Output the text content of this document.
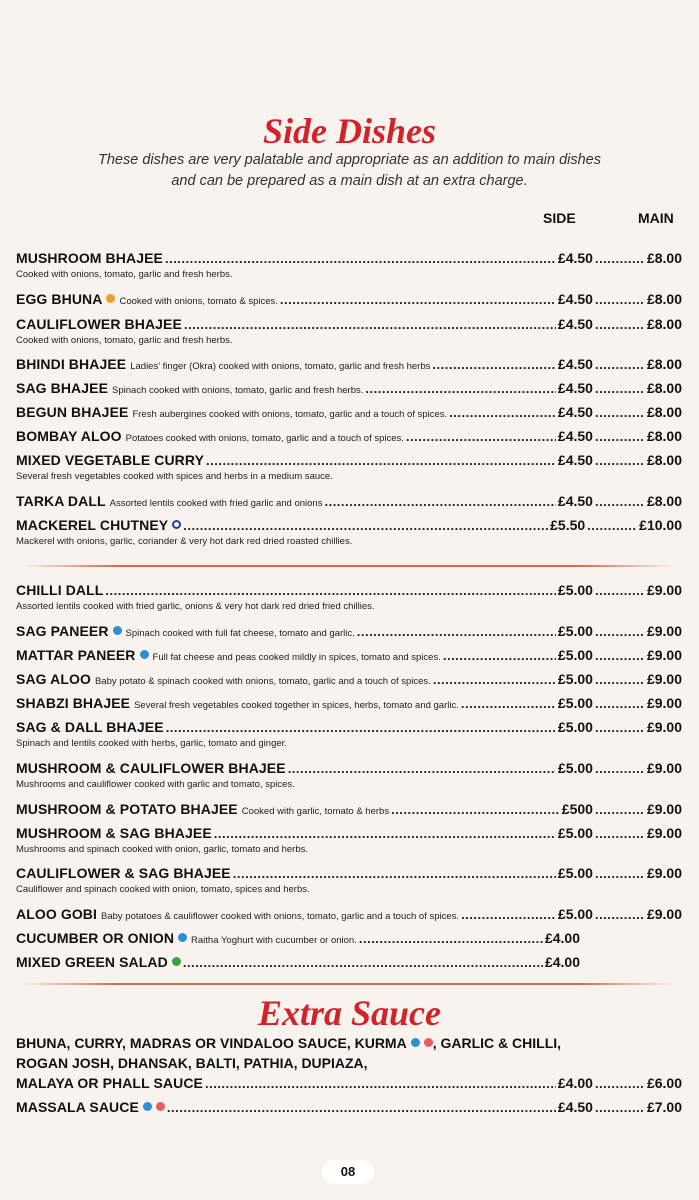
Side Dishes
These dishes are very palatable and appropriate as an addition to main dishes
and can be prepared as a main dish at an extra charge.
SIDE	MAIN
MUSHROOM BHAJEE .....	£4.50 .....	£8.00
Cooked with onions, tomato, garlic and fresh herbs.
EGG BHUNA Cooked with onions, tomato & spices. .....	£4.50 .....	£8.00
CAULIFLOWER BHAJEE .....	£4.50 .....	£8.00
Cooked with onions, tomato, garlic and fresh herbs.
BHINDI BHAJEE Ladies' finger (Okra) cooked with onions, tomato, garlic and fresh herbs .....	£4.50 .....	£8.00
SAG BHAJEE Spinach cooked with onions, tomato, garlic and fresh herbs. .....	£4.50 .....	£8.00
BEGUN BHAJEE Fresh aubergines cooked with onions, tomato, garlic and a touch of spices. .....	£4.50 .....	£8.00
BOMBAY ALOO Potatoes cooked with onions, tomato, garlic and a touch of spices. .....	£4.50 .....	£8.00
MIXED VEGETABLE CURRY .....	£4.50 .....	£8.00
Several fresh vegetables cooked with spices and herbs in a medium sauce.
TARKA DALL Assorted lentils cooked with fried garlic and onions .....	£4.50 .....	£8.00
MACKEREL CHUTNEY .....	£5.50 .....	£10.00
Mackerel with onions, garlic, coriander & very hot dark red dried roasted chillies.
CHILLI DALL .....	£5.00 .....	£9.00
Assorted lentils cooked with fried garlic, onions & very hot dark red dried fried chillies.
SAG PANEER Spinach cooked with full fat cheese, tomato and garlic. .....	£5.00 .....	£9.00
MATTAR PANEER Full fat cheese and peas cooked mildly in spices, tomato and spices. .....	£5.00 .....	£9.00
SAG ALOO Baby potato & spinach cooked with onions, tomato, garlic and a touch of spices. .....	£5.00 .....	£9.00
SHABZI BHAJEE Several fresh vegetables cooked together in spices, herbs, tomato and garlic. .....	£5.00 .....	£9.00
SAG & DALL BHAJEE .....	£5.00 .....	£9.00
Spinach and lentils cooked with herbs, garlic, tomato and ginger.
MUSHROOM & CAULIFLOWER BHAJEE .....	£5.00 .....	£9.00
Mushrooms and cauliflower cooked with garlic and tomato, spices.
MUSHROOM & POTATO BHAJEE Cooked with garlic, tomato & herbs .....	£500 .....	£9.00
MUSHROOM & SAG BHAJEE .....	£5.00 .....	£9.00
Mushrooms and spinach cooked with onion, garlic, tomato and herbs.
CAULIFLOWER & SAG BHAJEE .....	£5.00 .....	£9.00
Cauliflower and spinach cooked with onion, tomato, spices and herbs.
ALOO GOBI Baby potatoes & cauliflower cooked with onions, tomato, garlic and a touch of spices. .....	£5.00 .....	£9.00
CUCUMBER OR ONION Raitha Yoghurt with cucumber or onion. .....	£4.00
MIXED GREEN SALAD .....	£4.00
Extra Sauce
BHUNA, CURRY, MADRAS OR VINDALOO SAUCE, KURMA , GARLIC & CHILLI,
ROGAN JOSH, DHANSAK, BALTI, PATHIA, DUPIAZA,
MALAYA OR PHALL SAUCE .....	£4.00 .....	£6.00
MASSALA SAUCE .....	£4.50 .....	£7.00
08
